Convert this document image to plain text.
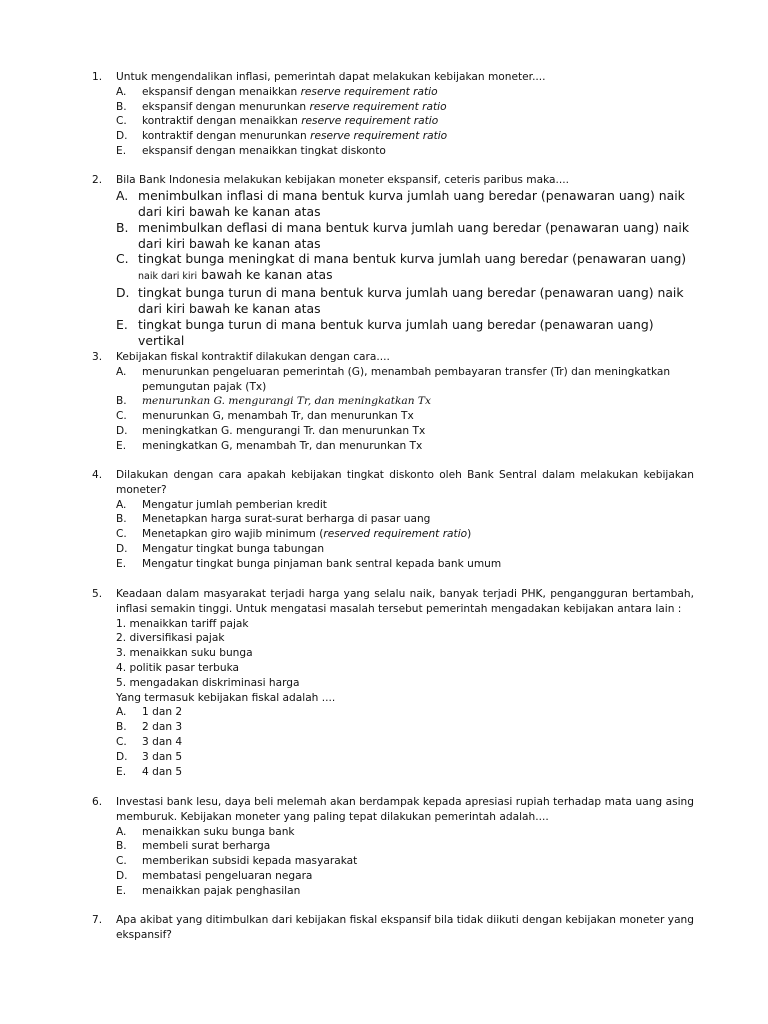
1.	Untuk mengendalikan inflasi, pemerintah dapat melakukan kebijakan moneter....
A. ekspansif dengan menaikkan reserve requirement ratio
B. ekspansif dengan menurunkan reserve requirement ratio
C. kontraktif dengan menaikkan reserve requirement ratio
D. kontraktif dengan menurunkan reserve requirement ratio
E. ekspansif dengan menaikkan tingkat diskonto
2.	Bila Bank Indonesia melakukan kebijakan moneter ekspansif, ceteris paribus maka....
A. menimbulkan inflasi di mana bentuk kurva jumlah uang beredar (penawaran uang) naik dari kiri bawah ke kanan atas
B. menimbulkan deflasi di mana bentuk kurva jumlah uang beredar (penawaran uang) naik dari kiri bawah ke kanan atas
C. tingkat bunga meningkat di mana bentuk kurva jumlah uang beredar (penawaran uang) naik dari kiri bawah ke kanan atas
D. tingkat bunga turun di mana bentuk kurva jumlah uang beredar (penawaran uang) naik dari kiri bawah ke kanan atas
E. tingkat bunga turun di mana bentuk kurva jumlah uang beredar (penawaran uang) vertikal
3.	Kebijakan fiskal kontraktif dilakukan dengan cara....
A. menurunkan pengeluaran pemerintah (G), menambah pembayaran transfer (Tr) dan meningkatkan pemungutan pajak (Tx)
B. menurunkan G. mengurangi Tr, dan meningkatkan Tx
C. menurunkan G, menambah Tr, dan menurunkan Tx
D. meningkatkan G. mengurangi Tr. dan menurunkan Tx
E. meningkatkan G, menambah Tr, dan menurunkan Tx
4.	Dilakukan dengan cara apakah kebijakan tingkat diskonto oleh Bank Sentral dalam melakukan kebijakan moneter?
A. Mengatur jumlah pemberian kredit
B. Menetapkan harga surat-surat berharga di pasar uang
C. Menetapkan giro wajib minimum (reserved requirement ratio)
D. Mengatur tingkat bunga tabungan
E. Mengatur tingkat bunga pinjaman bank sentral kepada bank umum
5.	Keadaan dalam masyarakat terjadi harga yang selalu naik, banyak terjadi PHK, pengangguran bertambah, inflasi semakin tinggi. Untuk mengatasi masalah tersebut pemerintah mengadakan kebijakan antara lain :
1. menaikkan tariff pajak
2. diversifikasi pajak
3. menaikkan suku bunga
4. politik pasar terbuka
5. mengadakan diskriminasi harga
Yang termasuk kebijakan fiskal adalah ....
A. 1 dan 2
B. 2 dan 3
C. 3 dan 4
D. 3 dan 5
E. 4 dan 5
6.	Investasi bank lesu, daya beli melemah akan berdampak kepada apresiasi rupiah terhadap mata uang asing memburuk. Kebijakan moneter yang paling tepat dilakukan pemerintah adalah....
A. menaikkan suku bunga bank
B. membeli surat berharga
C. memberikan subsidi kepada masyarakat
D. membatasi pengeluaran negara
E. menaikkan pajak penghasilan
7.	Apa akibat yang ditimbulkan dari kebijakan fiskal ekspansif bila tidak diikuti dengan kebijakan moneter yang ekspansif?
